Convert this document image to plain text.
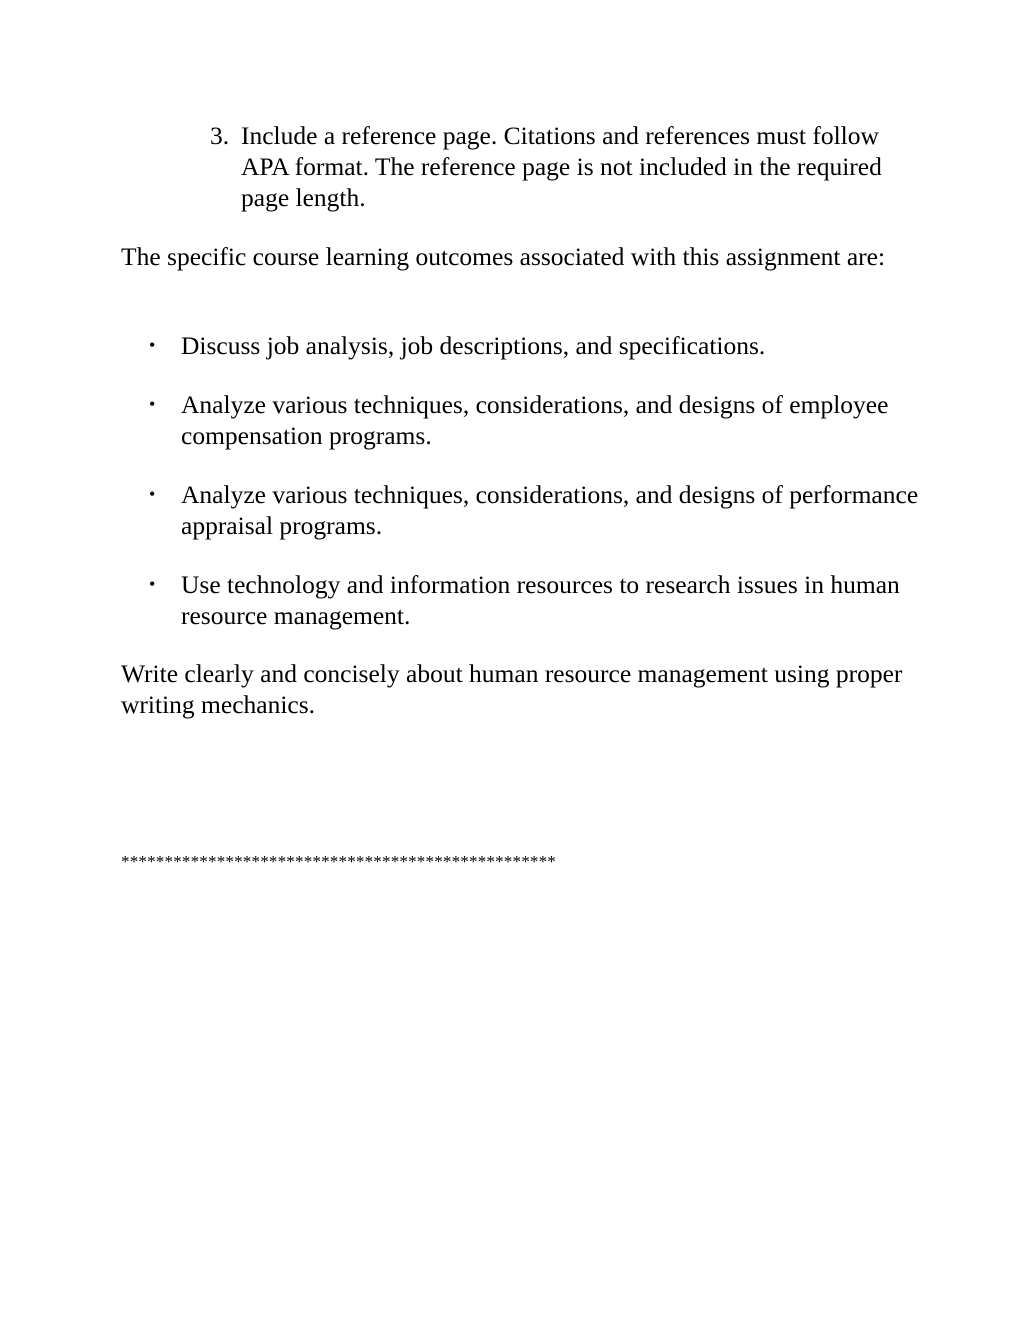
3. Include a reference page. Citations and references must follow APA format. The reference page is not included in the required page length.

The specific course learning outcomes associated with this assignment are:

• Discuss job analysis, job descriptions, and specifications.
• Analyze various techniques, considerations, and designs of employee compensation programs.
• Analyze various techniques, considerations, and designs of performance appraisal programs.
• Use technology and information resources to research issues in human resource management.

Write clearly and concisely about human resource management using proper writing mechanics.

**************************************************
